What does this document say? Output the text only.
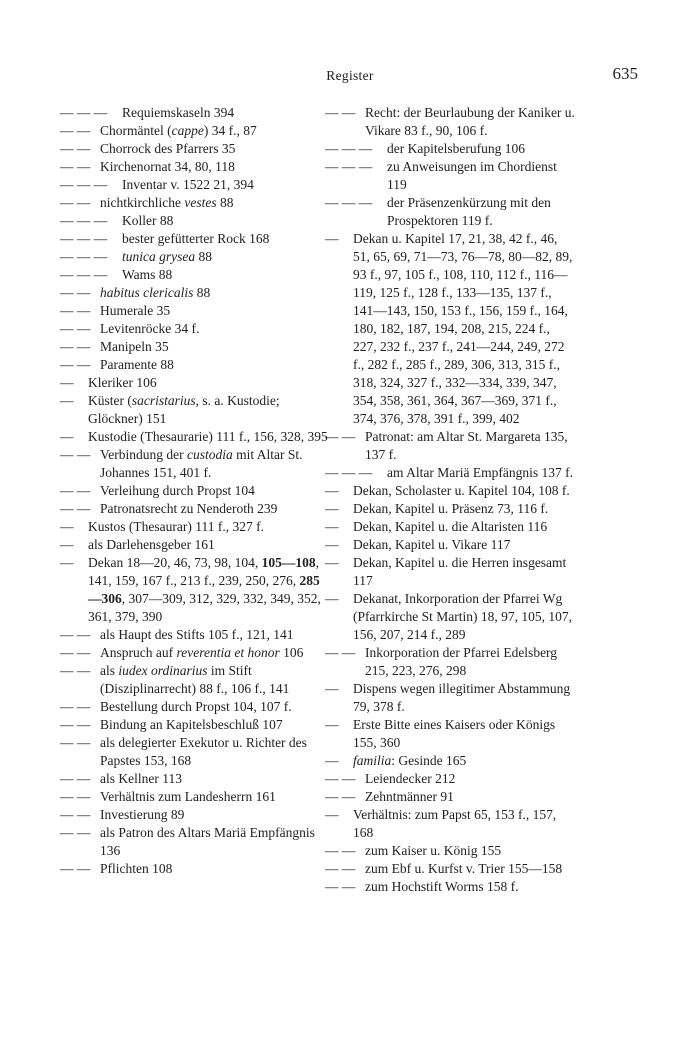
Register	635
— — —	Requiemskaseln 394
— — Chormäntel (cappe) 34 f., 87
— — Chorrock des Pfarrers 35
— — Kirchenornat 34, 80, 118
— — —	Inventar v. 1522 21, 394
— — nichtkirchliche vestes 88
— — —	Koller 88
— — —	bester gefütterter Rock 168
— — —	tunica grysea 88
— — —	Wams 88
— — habitus clericalis 88
— — Humerale 35
— — Levitenröcke 34 f.
— — Manipeln 35
— — Paramente 88
—	Kleriker 106
—	Küster (sacristarius, s. a. Kustodie; Glöckner) 151
—	Kustodie (Thesaurarie) 111 f., 156, 328, 395
— — Verbindung der custodia mit Altar St. Johannes 151, 401 f.
— — Verleihung durch Propst 104
— — Patronatsrecht zu Nenderoth 239
—	Kustos (Thesaurar) 111 f., 327 f.
—	als Darlehensgeber 161
—	Dekan 18—20, 46, 73, 98, 104, 105—108, 141, 159, 167 f., 213 f., 239, 250, 276, 285—306, 307—309, 312, 329, 332, 349, 352, 361, 379, 390
— — als Haupt des Stifts 105 f., 121, 141
— — Anspruch auf reverentia et honor 106
— — als iudex ordinarius im Stift (Disziplinarrecht) 88 f., 106 f., 141
— — Bestellung durch Propst 104, 107 f.
— — Bindung an Kapitelsbeschluß 107
— — als delegierter Exekutor u. Richter des Papstes 153, 168
— — als Kellner 113
— — Verhältnis zum Landesherrn 161
— — Investierung 89
— — als Patron des Altars Mariä Empfängnis 136
— — Pflichten 108
— — Recht: der Beurlaubung der Kaniker u. Vikare 83 f., 90, 106 f.
— — —	der Kapitelsberufung 106
— — —	zu Anweisungen im Chordienst 119
— — —	der Präsenzenkürzung mit den Prospektoren 119 f.
—	Dekan u. Kapitel 17, 21, 38, 42 f., 46, 51, 65, 69, 71—73, 76—78, 80—82, 89, 93 f., 97, 105 f., 108, 110, 112 f., 116—119, 125 f., 128 f., 133—135, 137 f., 141—143, 150, 153 f., 156, 159 f., 164, 180, 182, 187, 194, 208, 215, 224 f., 227, 232 f., 237 f., 241—244, 249, 272 f., 282 f., 285 f., 289, 306, 313, 315 f., 318, 324, 327 f., 332—334, 339, 347, 354, 358, 361, 364, 367—369, 371 f., 374, 376, 378, 391 f., 399, 402
— — Patronat: am Altar St. Margareta 135, 137 f.
— — —	am Altar Mariä Empfängnis 137 f.
—	Dekan, Scholaster u. Kapitel 104, 108 f.
—	Dekan, Kapitel u. Präsenz 73, 116 f.
—	Dekan, Kapitel u. die Altaristen 116
—	Dekan, Kapitel u. Vikare 117
—	Dekan, Kapitel u. die Herren insgesamt 117
—	Dekanat, Inkorporation der Pfarrei Wg (Pfarrkirche St Martin) 18, 97, 105, 107, 156, 207, 214 f., 289
— — Inkorporation der Pfarrei Edelsberg 215, 223, 276, 298
—	Dispens wegen illegitimer Abstammung 79, 378 f.
—	Erste Bitte eines Kaisers oder Königs 155, 360
—	familia: Gesinde 165
— — Leiendecker 212
— — Zehntmänner 91
—	Verhältnis: zum Papst 65, 153 f., 157, 168
— — zum Kaiser u. König 155
— — zum Ebf u. Kurfst v. Trier 155—158
— — zum Hochstift Worms 158 f.
